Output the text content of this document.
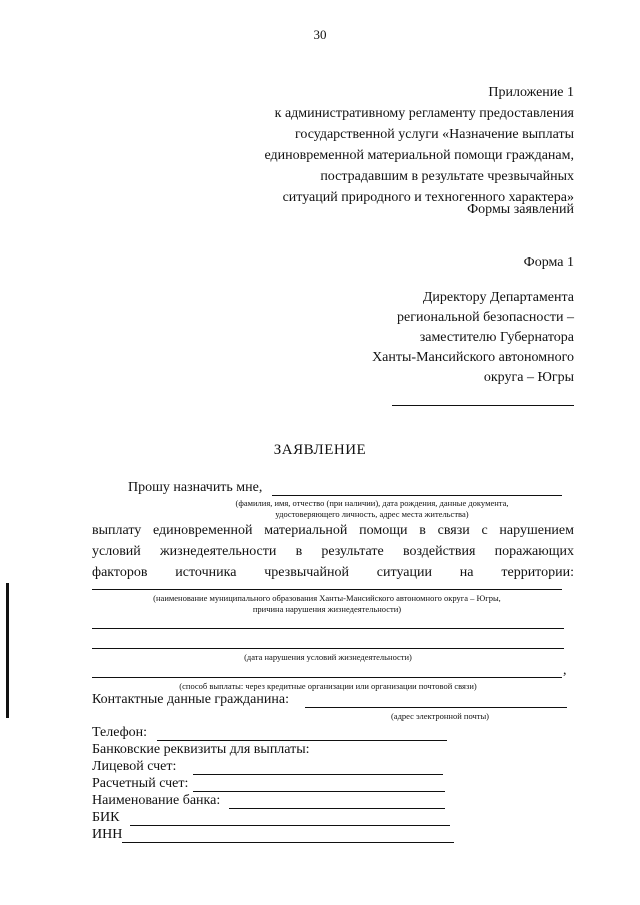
30
Приложение 1
к административному регламенту предоставления
государственной услуги «Назначение выплаты
единовременной материальной помощи гражданам,
пострадавшим в результате чрезвычайных
ситуаций природного и техногенного характера»
Формы заявлений
Форма 1
Директору Департамента
региональной безопасности –
заместителю Губернатора
Ханты-Мансийского автономного
округа – Югры
ЗАЯВЛЕНИЕ
Прошу назначить мне,
(фамилия, имя, отчество (при наличии), дата рождения, данные документа,
удостоверяющего личность, адрес места жительства)
выплату единовременной материальной помощи в связи с нарушением
условий жизнедеятельности в результате воздействия поражающих
факторов источника чрезвычайной ситуации на территории:
(наименование муниципального образования Ханты-Мансийского автономного округа – Югры,
причина нарушения жизнедеятельности)
(дата нарушения условий жизнедеятельности)
,
(способ выплаты: через кредитные организации или организации почтовой связи)
Контактные данные гражданина:
(адрес электронной почты)
Телефон:
Банковские реквизиты для выплаты:
Лицевой счет:
Расчетный счет:
Наименование банка:
БИК
ИНН
